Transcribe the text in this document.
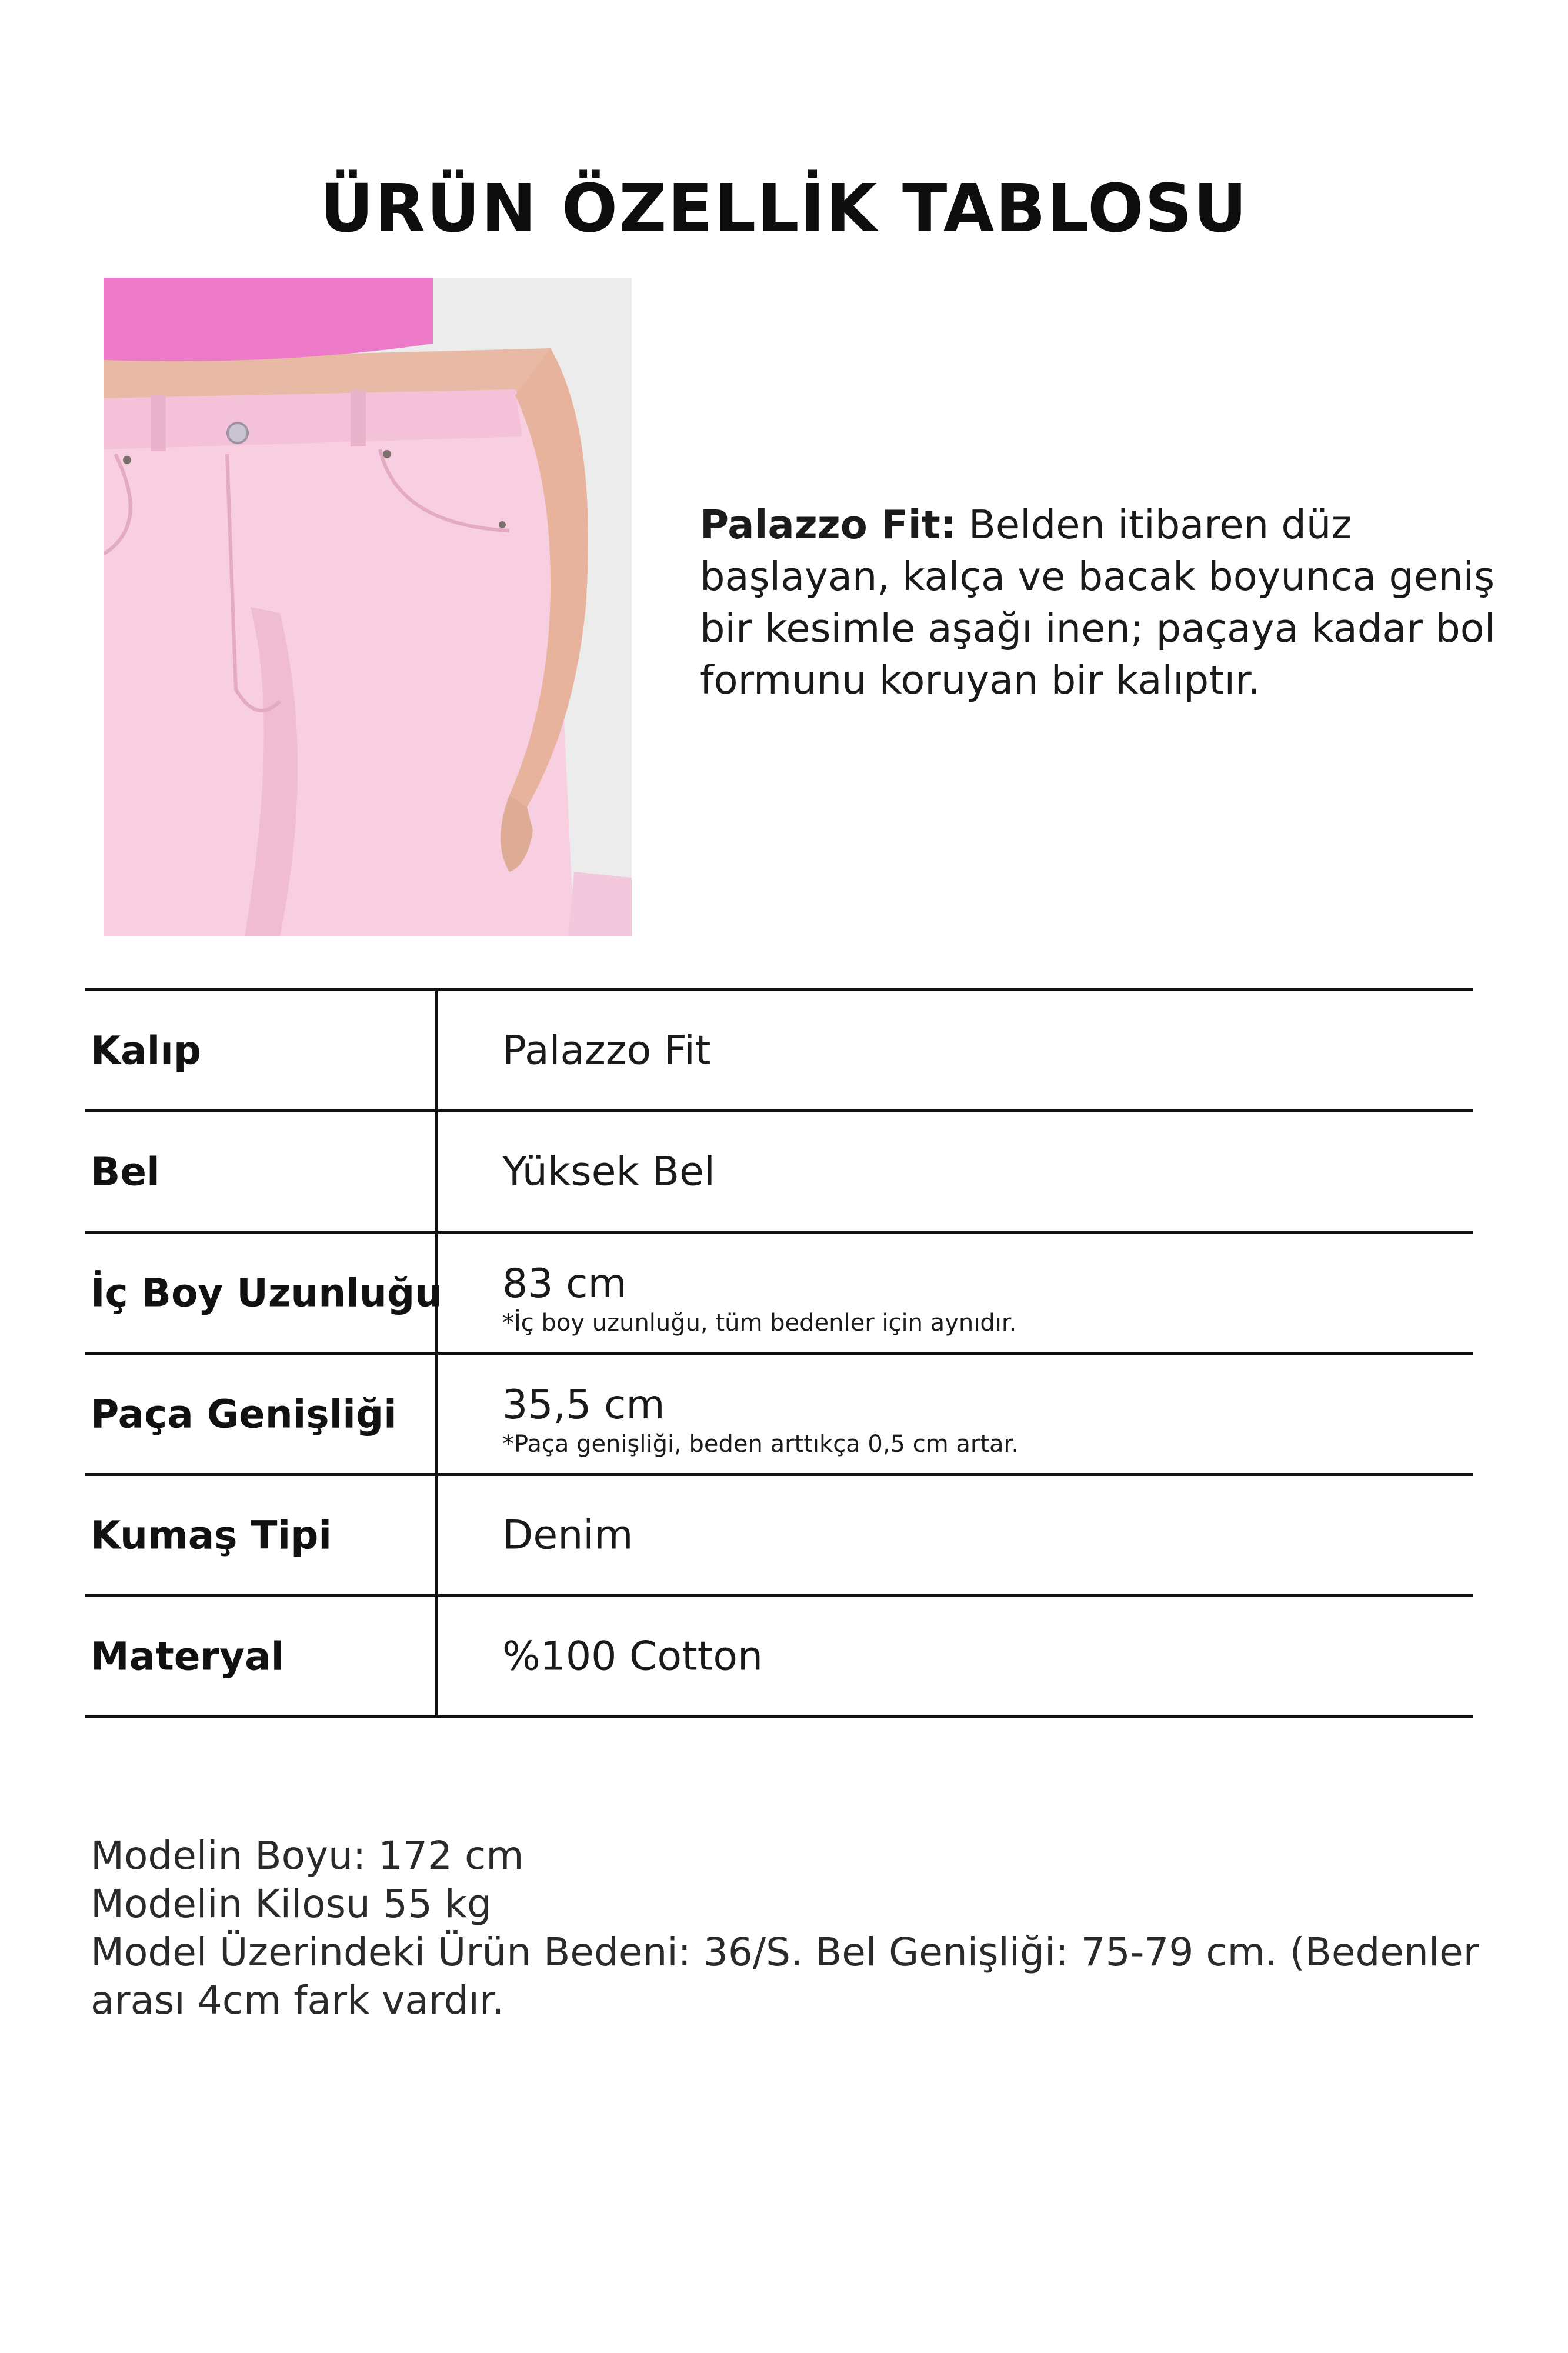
ÜRÜN ÖZELLİK TABLOSU
Palazzo Fit: Belden itibaren düz başlayan, kalça ve bacak boyunca geniş bir kesimle aşağı inen; paçaya kadar bol formunu koruyan bir kalıptır.
Kalıp	Palazzo Fit
Bel	Yüksek Bel
İç Boy Uzunluğu 83 cm
*İç boy uzunluğu, tüm bedenler için aynıdır.
Paça Genişliği	35,5 cm
*Paça genişliği, beden arttıkça 0,5 cm artar.
Kumaş Tipi	Denim
Materyal	%100 Cotton
Modelin Boyu: 172 cm
Modelin Kilosu 55 kg
Model Üzerindeki Ürün Bedeni: 36/S. Bel Genişliği: 75-79 cm. (Bedenler
arası 4cm fark vardır.
